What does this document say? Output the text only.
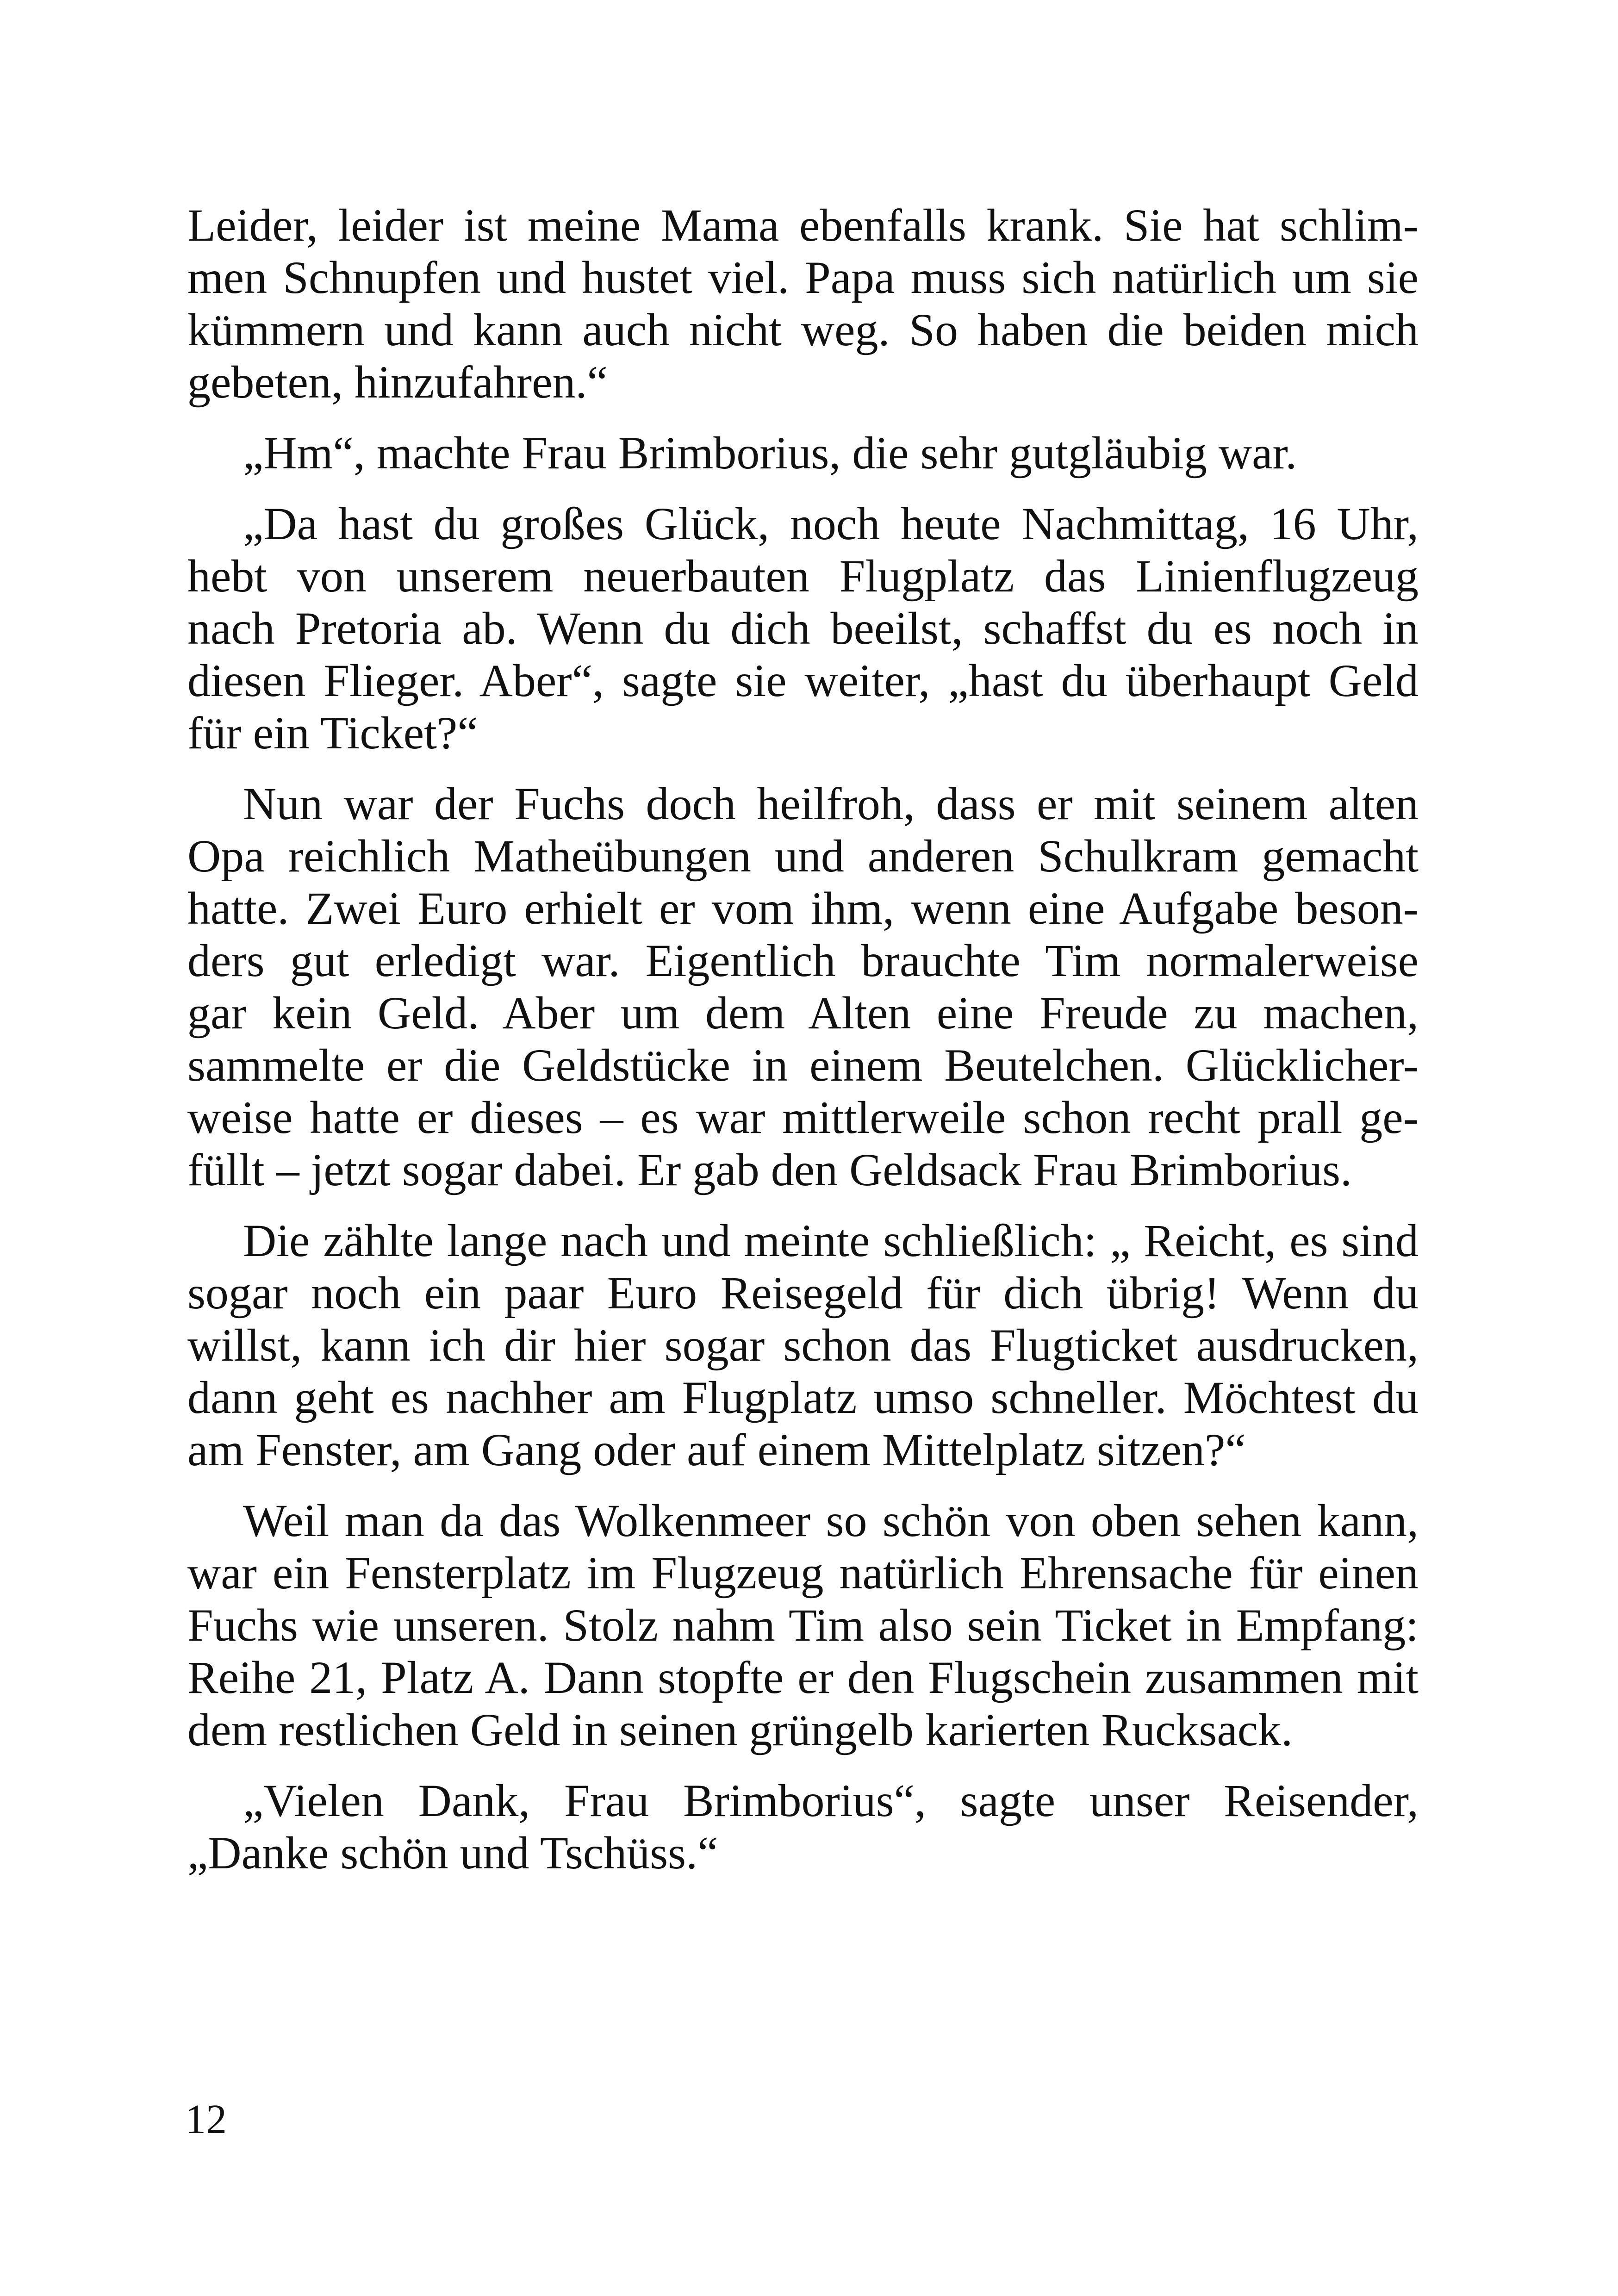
Leider, leider ist meine Mama ebenfalls krank. Sie hat schlim-
men Schnupfen und hustet viel. Papa muss sich natürlich um sie
kümmern und kann auch nicht weg. So haben die beiden mich
gebeten, hinzufahren.“
„Hm“, machte Frau Brimborius, die sehr gutgläubig war.
„Da hast du großes Glück, noch heute Nachmittag, 16 Uhr,
hebt von unserem neuerbauten Flugplatz das Linienflugzeug
nach Pretoria ab. Wenn du dich beeilst, schaffst du es noch in
diesen Flieger. Aber“, sagte sie weiter, „hast du überhaupt Geld
für ein Ticket?“
Nun war der Fuchs doch heilfroh, dass er mit seinem alten
Opa reichlich Matheübungen und anderen Schulkram gemacht
hatte. Zwei Euro erhielt er vom ihm, wenn eine Aufgabe beson-
ders gut erledigt war. Eigentlich brauchte Tim normalerweise
gar kein Geld. Aber um dem Alten eine Freude zu machen,
sammelte er die Geldstücke in einem Beutelchen. Glücklicher-
weise hatte er dieses – es war mittlerweile schon recht prall ge-
füllt – jetzt sogar dabei. Er gab den Geldsack Frau Brimborius.
Die zählte lange nach und meinte schließlich: „ Reicht, es sind
sogar noch ein paar Euro Reisegeld für dich übrig! Wenn du
willst, kann ich dir hier sogar schon das Flugticket ausdrucken,
dann geht es nachher am Flugplatz umso schneller. Möchtest du
am Fenster, am Gang oder auf einem Mittelplatz sitzen?“
Weil man da das Wolkenmeer so schön von oben sehen kann,
war ein Fensterplatz im Flugzeug natürlich Ehrensache für einen
Fuchs wie unseren. Stolz nahm Tim also sein Ticket in Empfang:
Reihe 21, Platz A. Dann stopfte er den Flugschein zusammen mit
dem restlichen Geld in seinen grüngelb karierten Rucksack.
„Vielen Dank, Frau Brimborius“, sagte unser Reisender,
„Danke schön und Tschüss.“
12
